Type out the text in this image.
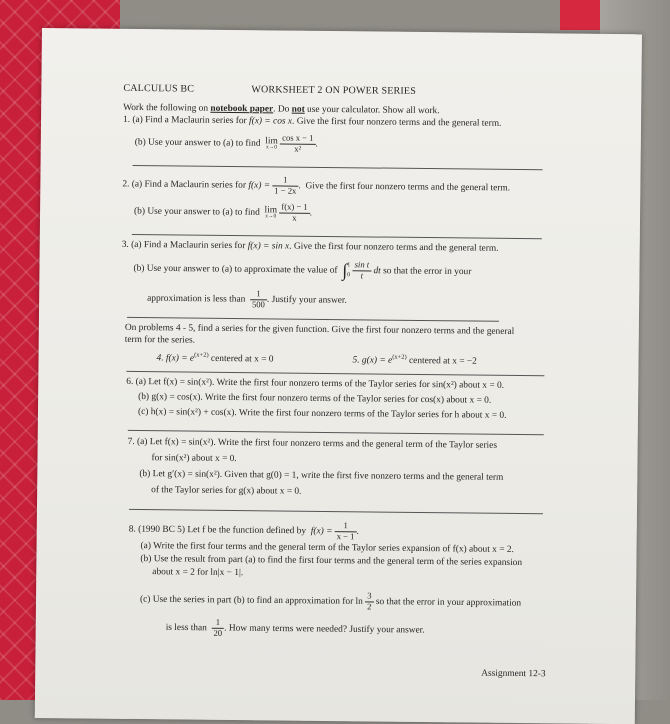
CALCULUS BC	WORKSHEET 2 ON POWER SERIES
Work the following on notebook paper. Do not use your calculator. Show all work.
1. (a) Find a Maclaurin series for f(x) = cos x. Give the first four nonzero terms and the general term.
(b) Use your answer to (a) to find lim
x→0
$\frac{\text{cos x − 1}}{\text{x²}}$ .
2. (a) Find a Maclaurin series for $f(x) = \frac{1}{1 - 2x}$ .  Give the first four nonzero terms and the general term.
(b) Use your answer to (a) to find lim
x→0
$\frac{f(x) - 1}{x}$ .
3. (a) Find a Maclaurin series for f(x) = sin x. Give the first four nonzero terms and the general term.
(b) Use your answer to (a) to approximate the value of ∫ 1
0
$\frac{\text{sin t}}{t}$ dt so that the error in your
approximation is less than $\frac{1}{500}$ . Justify your answer.
On problems 4 - 5, find a series for the given function. Give the first four nonzero terms and the general
term for the series.
4. $f(x) = e^{(x+2)}$ centered at x = 0	5. $g(x) = e^{(x+2)}$ centered at x = −2
6. (a) Let f(x) = sin(x²). Write the first four nonzero terms of the Taylor series for sin(x²) about x = 0.
(b) g(x) = cos(x). Write the first four nonzero terms of the Taylor series for cos(x) about x = 0.
(c) h(x) = sin(x²) + cos(x). Write the first four nonzero terms of the Taylor series for h about x = 0.
7. (a) Let f(x) = sin(x²). Write the first four nonzero terms and the general term of the Taylor series
for sin(x²) about x = 0.
(b) Let g′(x) = sin(x²). Given that g(0) = 1, write the first five nonzero terms and the general term
of the Taylor series for g(x) about x = 0.
8. (1990 BC 5) Let f be the function defined by $f(x) = \frac{1}{x - 1}$ .
(a) Write the first four terms and the general term of the Taylor series expansion of f(x) about x = 2.
(b) Use the result from part (a) to find the first four terms and the general term of the series expansion
about x = 2 for ln|x − 1|.
(c) Use the series in part (b) to find an approximation for $\ln \frac{3}{2}$ so that the error in your approximation
is less than $\frac{1}{20}$ . How many terms were needed? Justify your answer.
Assignment 12-3
